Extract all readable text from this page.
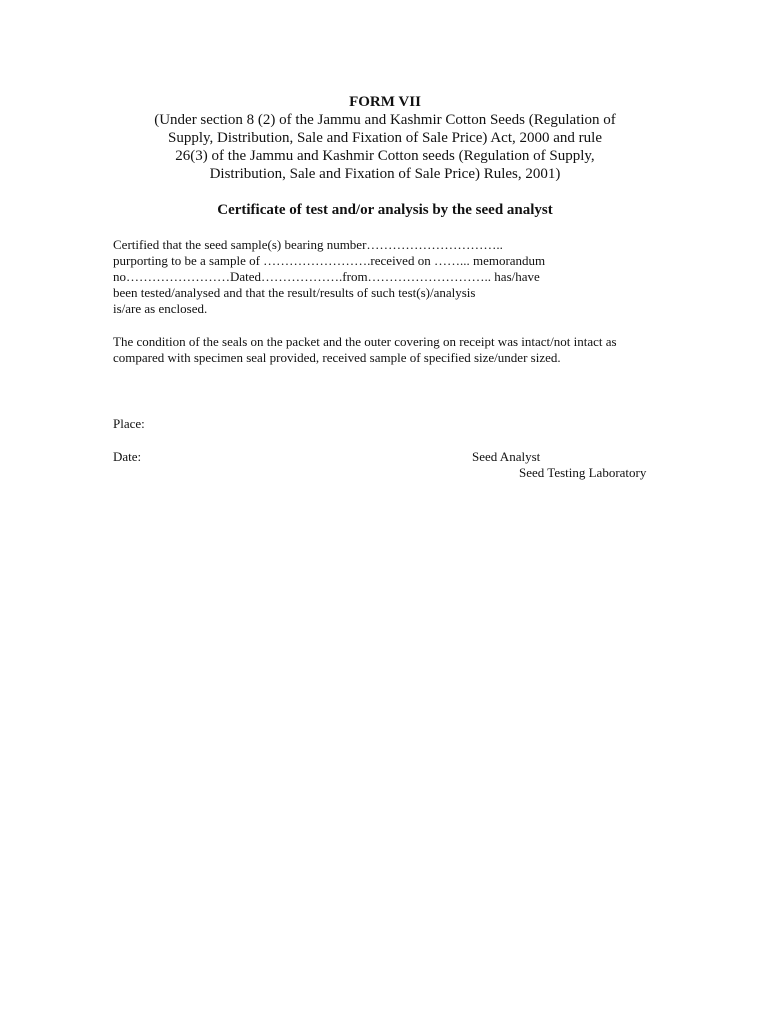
FORM VII
(Under section 8 (2) of the Jammu and Kashmir Cotton Seeds (Regulation of
Supply, Distribution, Sale and Fixation of Sale Price) Act, 2000 and rule
26(3) of the Jammu and Kashmir Cotton seeds (Regulation of Supply,
Distribution, Sale and Fixation of Sale Price) Rules, 2001)
Certificate of test and/or analysis by the seed analyst
Certified that the seed sample(s) bearing number…………………………..
purporting to be a sample of …………………….received on ……... memorandum
no……………………Dated……………….from……………………….. has/have
been tested/analysed and that the result/results of such test(s)/analysis
is/are as enclosed.
The condition of the seals on the packet and the outer covering on receipt was intact/not intact as
compared with specimen seal provided, received sample of specified size/under sized.
Place:
Date:	Seed Analyst
Seed Testing Laboratory
